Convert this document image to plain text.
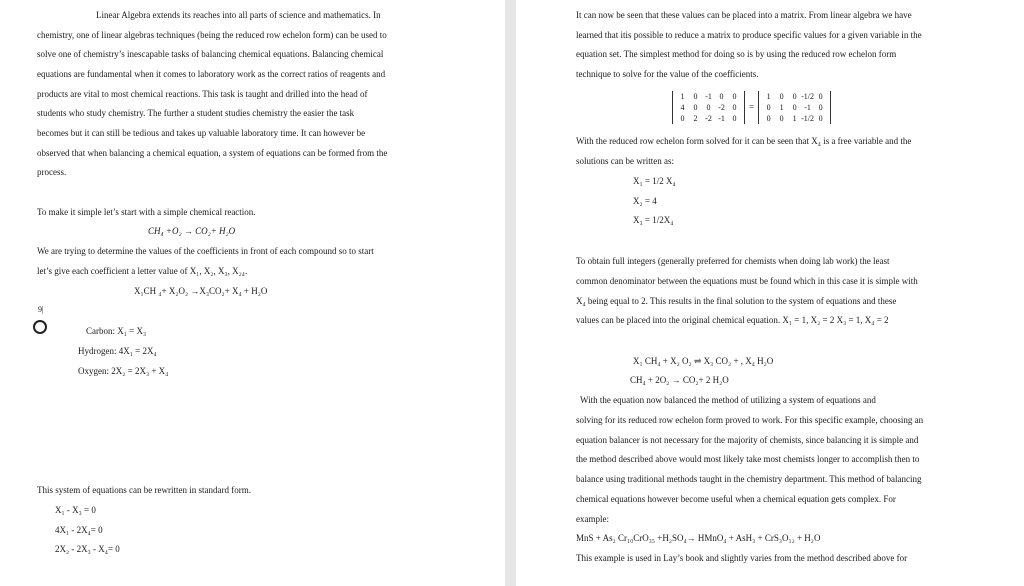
Linear Algebra extends its reaches into all parts of science and mathematics. In
chemistry, one of linear algebras techniques (being the reduced row echelon form) can be used to
solve one of chemistry’s inescapable tasks of balancing chemical equations. Balancing chemical
equations are fundamental when it comes to laboratory work as the correct ratios of reagents and
products are vital to most chemical reactions. This task is taught and drilled into the head of
students who study chemistry. The further a student studies chemistry the easier the task
becomes but it can still be tedious and takes up valuable laboratory time. It can however be
observed that when balancing a chemical equation, a system of equations can be formed from the
process.
To make it simple let’s start with a simple chemical reaction.
CH₄ +O₂ → CO₂+ H₂O
We are trying to determine the values of the coefficients in front of each compound so to start
let’s give each coefficient a letter value of X₁, X₂, X₃, X₂₄.
X₁CH ₄+ X₂O₂ →X₃CO₂+ X₄ + H₂O
9|
Carbon: X₁ = X₃
Hydrogen: 4X₁ = 2X₄
Oxygen: 2X₂ = 2X₃ + X₄
This system of equations can be rewritten in standard form.
X₁ - X₃ = 0
4X₁ - 2X₄= 0
2X₂ - 2X₃ - X₄= 0
It can now be seen that these values can be placed into a matrix. From linear algebra we have
learned that itis possible to reduce a matrix to produce specific values for a given variable in the
equation set. The simplest method for doing so is by using the reduced row echelon form
technique to solve for the value of the coefficients.
1	0 -1 0	0
4	0	0 -2 0
0	2 -2 -1 0
=
1	0	0 -1/2 0
0	1	0 -1 0
0	0	1 -1/2 0
With the reduced row echelon form solved for it can be seen that X₄ is a free variable and the
solutions can be written as:
X₁ = 1/2 X₄
X₂ = 4
X₃ = 1/2X₄
To obtain full integers (generally preferred for chemists when doing lab work) the least
common denominator between the equations must be found which in this case it is simple with
X₄ being equal to 2. This results in the final solution to the system of equations and these
values can be placed into the original chemical equation. X₁ = 1, X₂ = 2 X₃ = 1, X₄ = 2
X₁ CH₄ + X₂ O₂ ⇌ X₃ CO₂ + , X₄ H₂O
CH₄ + 2O₂ → CO₂+ 2 H₂O
With the equation now balanced the method of utilizing a system of equations and
solving for its reduced row echelon form proved to work. For this specific example, choosing an
equation balancer is not necessary for the majority of chemists, since balancing it is simple and
the method described above would most likely take most chemists longer to accomplish then to
balance using traditional methods taught in the chemistry department. This method of balancing
chemical equations however become useful when a chemical equation gets complex. For
example:
MnS + As₂ Cr₁₀CrO₃₅ +H₂SO₄→ HMnO₄ + AsH₃ + CrS₃O₁₂ + H₂O
This example is used in Lay’s book and slightly varies from the method described above for
